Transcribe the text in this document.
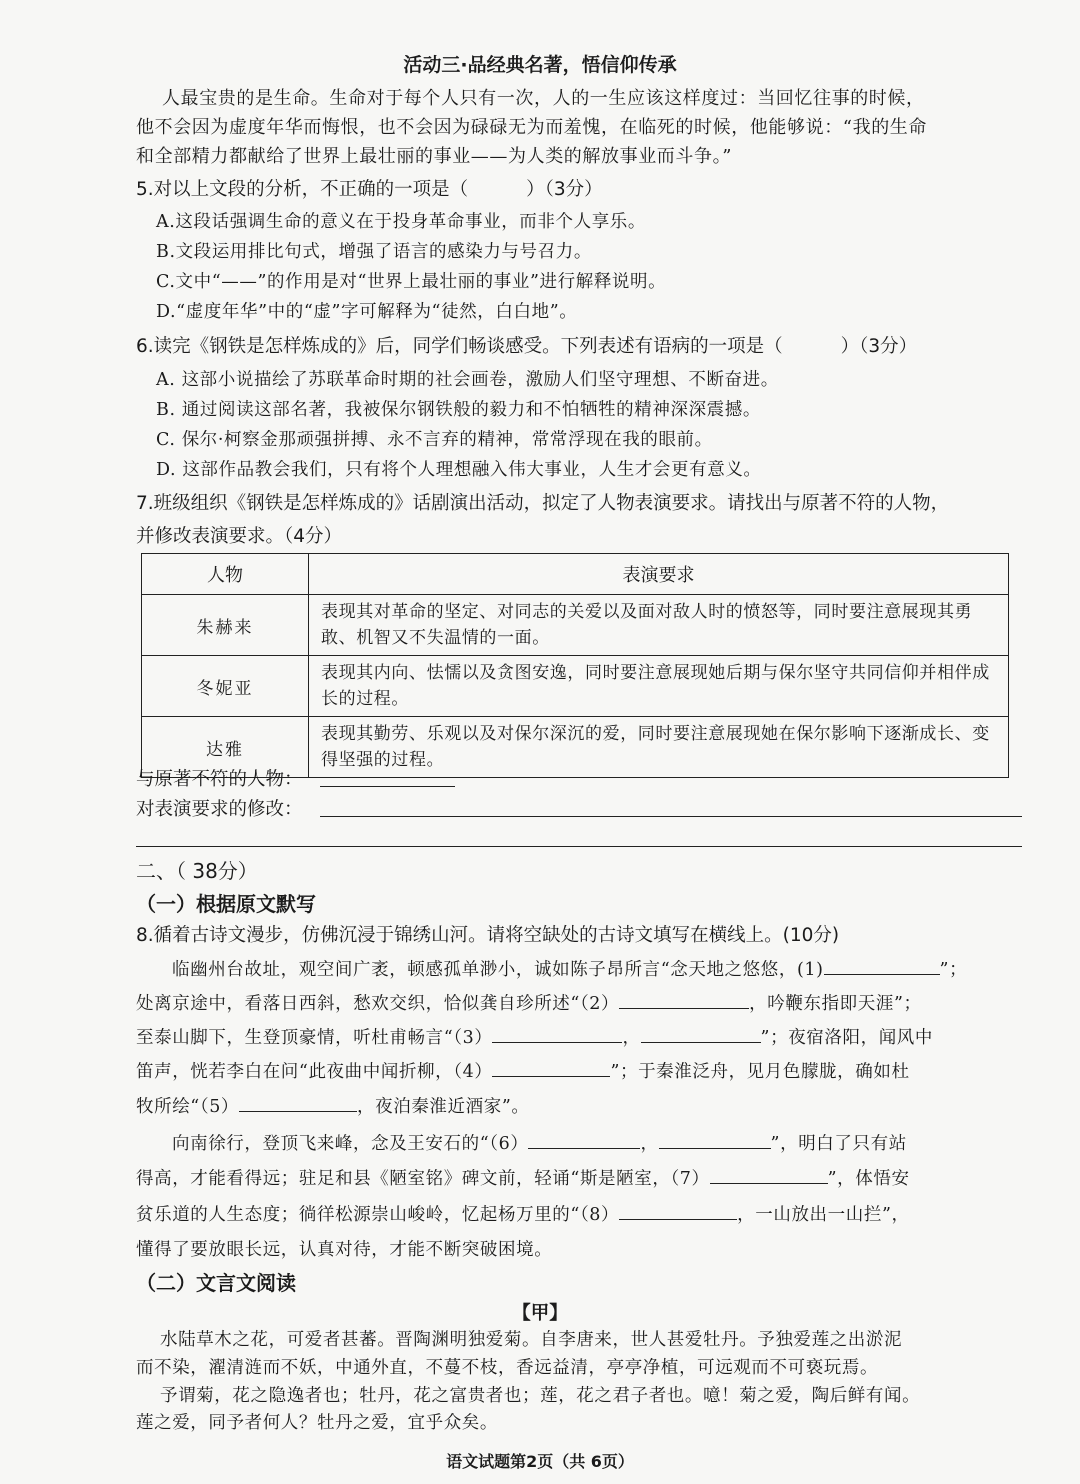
活动三·品经典名著，悟信仰传承
人最宝贵的是生命。生命对于每个人只有一次，人的一生应该这样度过：当回忆往事的时候，
他不会因为虚度年华而悔恨，也不会因为碌碌无为而羞愧，在临死的时候，他能够说：“我的生命
和全部精力都献给了世界上最壮丽的事业——为人类的解放事业而斗争。”
5.对以上文段的分析，不正确的一项是（	）（3分）
A.这段话强调生命的意义在于投身革命事业，而非个人享乐。
B.文段运用排比句式，增强了语言的感染力与号召力。
C.文中“——”的作用是对“世界上最壮丽的事业”进行解释说明。
D.“虚度年华”中的“虚”字可解释为“徒然，白白地”。
6.读完《钢铁是怎样炼成的》后，同学们畅谈感受。下列表述有语病的一项是（	）（3分）
A. 这部小说描绘了苏联革命时期的社会画卷，激励人们坚守理想、不断奋进。
B. 通过阅读这部名著，我被保尔钢铁般的毅力和不怕牺牲的精神深深震撼。
C. 保尔·柯察金那顽强拼搏、永不言弃的精神，常常浮现在我的眼前。
D. 这部作品教会我们，只有将个人理想融入伟大事业，人生才会更有意义。
7.班级组织《钢铁是怎样炼成的》话剧演出活动，拟定了人物表演要求。请找出与原著不符的人物，
并修改表演要求。（4分）
人物	表演要求
朱赫来	表现其对革命的坚定、对同志的关爱以及面对敌人时的愤怒等，同时要注意展现其勇敢、机智又不失温情的一面。
冬妮亚	表现其内向、怯懦以及贪图安逸，同时要注意展现她后期与保尔坚守共同信仰并相伴成长的过程。
达雅	表现其勤劳、乐观以及对保尔深沉的爱，同时要注意展现她在保尔影响下逐渐成长、变得坚强的过程。
与原著不符的人物：
对表演要求的修改：
二、（ 38分）
（一）根据原文默写
8.循着古诗文漫步，仿佛沉浸于锦绣山河。请将空缺处的古诗文填写在横线上。(10分)
临幽州台故址，观空间广袤，顿感孤单渺小，诚如陈子昂所言“念天地之悠悠，(1)	”；
处离京途中，看落日西斜，愁欢交织，恰似龚自珍所述“（2）	，吟鞭东指即天涯”；
至泰山脚下，生登顶豪情，听杜甫畅言“（3）	，	”；夜宿洛阳，闻风中
笛声，恍若李白在问“此夜曲中闻折柳，（4）	”；于秦淮泛舟，见月色朦胧，确如杜
牧所绘“（5）	，夜泊秦淮近酒家”。
向南徐行，登顶飞来峰，念及王安石的“（6）	，	”，明白了只有站
得高，才能看得远；驻足和县《陋室铭》碑文前，轻诵“斯是陋室，（7）	”，体悟安
贫乐道的人生态度；徜徉松源崇山峻岭，忆起杨万里的“（8）	，一山放出一山拦”，
懂得了要放眼长远，认真对待，才能不断突破困境。
（二）文言文阅读
【甲】
水陆草木之花，可爱者甚蕃。晋陶渊明独爱菊。自李唐来，世人甚爱牡丹。予独爱莲之出淤泥
而不染，濯清涟而不妖，中通外直，不蔓不枝，香远益清，亭亭净植，可远观而不可亵玩焉。
予谓菊，花之隐逸者也；牡丹，花之富贵者也；莲，花之君子者也。噫！菊之爱，陶后鲜有闻。
莲之爱，同予者何人？牡丹之爱，宜乎众矣。
语文试题第2页（共 6页）
